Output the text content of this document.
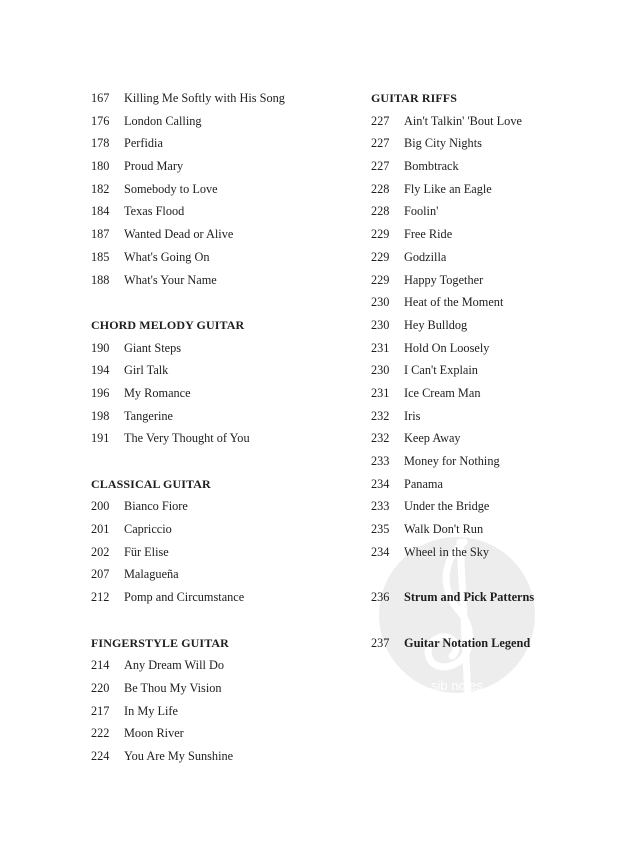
167	Killing Me Softly with His Song
176	London Calling
178	Perfidia
180	Proud Mary
182	Somebody to Love
184	Texas Flood
187	Wanted Dead or Alive
185	What's Going On
188	What's Your Name
CHORD MELODY GUITAR
190	Giant Steps
194	Girl Talk
196	My Romance
198	Tangerine
191	The Very Thought of You
CLASSICAL GUITAR
200	Bianco Fiore
201	Capriccio
202	Für Elise
207	Malagueña
212	Pomp and Circumstance
FINGERSTYLE GUITAR
214	Any Dream Will Do
220	Be Thou My Vision
217	In My Life
222	Moon River
224	You Are My Sunshine
sib notes
GUITAR RIFFS
227	Ain't Talkin' 'Bout Love
227	Big City Nights
227	Bombtrack
228	Fly Like an Eagle
228	Foolin'
229	Free Ride
229	Godzilla
229	Happy Together
230	Heat of the Moment
230	Hey Bulldog
231	Hold On Loosely
230	I Can't Explain
231	Ice Cream Man
232	Iris
232	Keep Away
233	Money for Nothing
234	Panama
233	Under the Bridge
235	Walk Don't Run
234	Wheel in the Sky
236	Strum and Pick Patterns
237	Guitar Notation Legend
